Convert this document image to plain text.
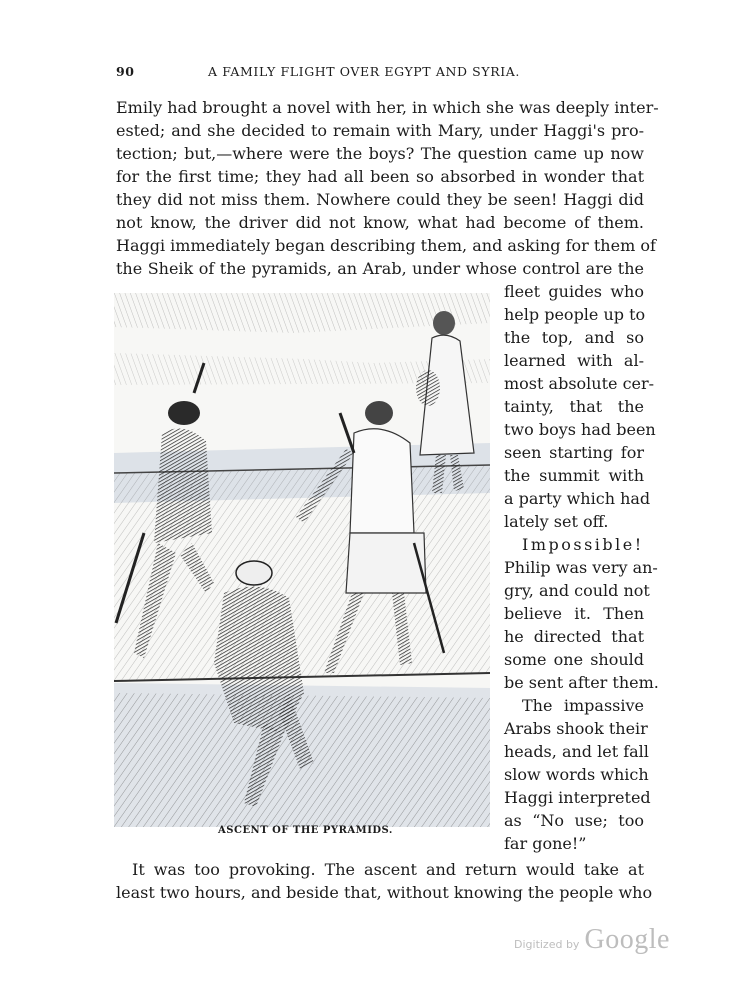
90	A FAMILY FLIGHT OVER EGYPT AND SYRIA.
Emily had brought a novel with her, in which she was deeply inter-
ested; and she decided to remain with Mary, under Haggi's pro-
tection; but,—where were the boys? The question came up now
for the first time; they had all been so absorbed in wonder that
they did not miss them. Nowhere could they be seen! Haggi did
not know, the driver did not know, what had become of them.
Haggi immediately began describing them, and asking for them of
the Sheik of the pyramids, an Arab, under whose control are the
ASCENT OF THE PYRAMIDS.
fleet guides who
help people up to
the top, and so
learned with al-
most absolute cer-
tainty, that the
two boys had been
seen starting for
the summit with
a party which had
lately set off.
Impossible!
Philip was very an-
gry, and could not
believe it. Then
he directed that
some one should
be sent after them.
The impassive
Arabs shook their
heads, and let fall
slow words which
Haggi interpreted
as “No use; too
far gone!”
It was too provoking. The ascent and return would take at
least two hours, and beside that, without knowing the people who
Digitized by Google
